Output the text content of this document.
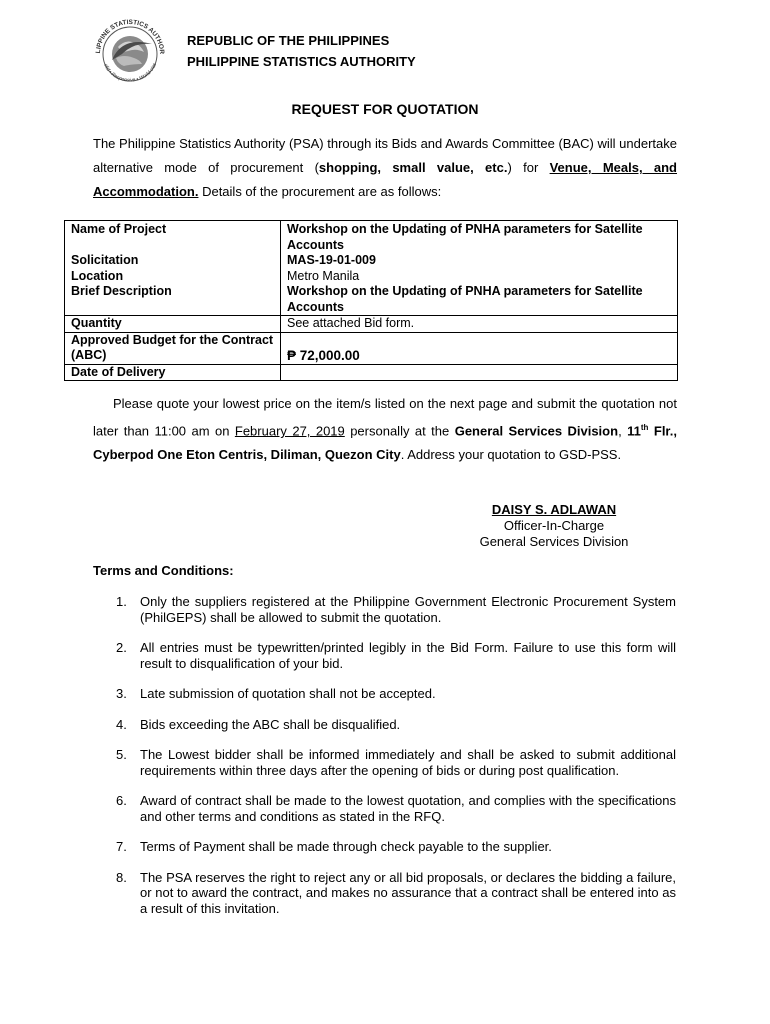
LIPPINE STATISTICS AUTHOR
olid • Responsive • World-clas
REPUBLIC OF THE PHILIPPINES
PHILIPPINE STATISTICS AUTHORITY
REQUEST FOR QUOTATION
The Philippine Statistics Authority (PSA) through its Bids and Awards Committee (BAC) will undertake alternative mode of procurement (shopping, small value, etc.) for Venue, Meals, and Accommodation. Details of the procurement are as follows:
Name of Project	Workshop on the Updating of PNHA parameters for Satellite Accounts
Solicitation	MAS-19-01-009
Location	Metro Manila
Brief Description	Workshop on the Updating of PNHA parameters for Satellite Accounts
Quantity	See attached Bid form.
Approved Budget for the Contract (ABC)	₱ 72,000.00
Date of Delivery	
Please quote your lowest price on the item/s listed on the next page and submit the quotation not later than 11:00 am on February 27, 2019 personally at the General Services Division, 11th Flr., Cyberpod One Eton Centris, Diliman, Quezon City. Address your quotation to GSD-PSS.
DAISY S. ADLAWAN
Officer-In-Charge
General Services Division
Terms and Conditions:
1. Only the suppliers registered at the Philippine Government Electronic Procurement System (PhilGEPS) shall be allowed to submit the quotation.
2. All entries must be typewritten/printed legibly in the Bid Form. Failure to use this form will result to disqualification of your bid.
3. Late submission of quotation shall not be accepted.
4. Bids exceeding the ABC shall be disqualified.
5. The Lowest bidder shall be informed immediately and shall be asked to submit additional requirements within three days after the opening of bids or during post qualification.
6. Award of contract shall be made to the lowest quotation, and complies with the specifications and other terms and conditions as stated in the RFQ.
7. Terms of Payment shall be made through check payable to the supplier.
8. The PSA reserves the right to reject any or all bid proposals, or declares the bidding a failure, or not to award the contract, and makes no assurance that a contract shall be entered into as a result of this invitation.
